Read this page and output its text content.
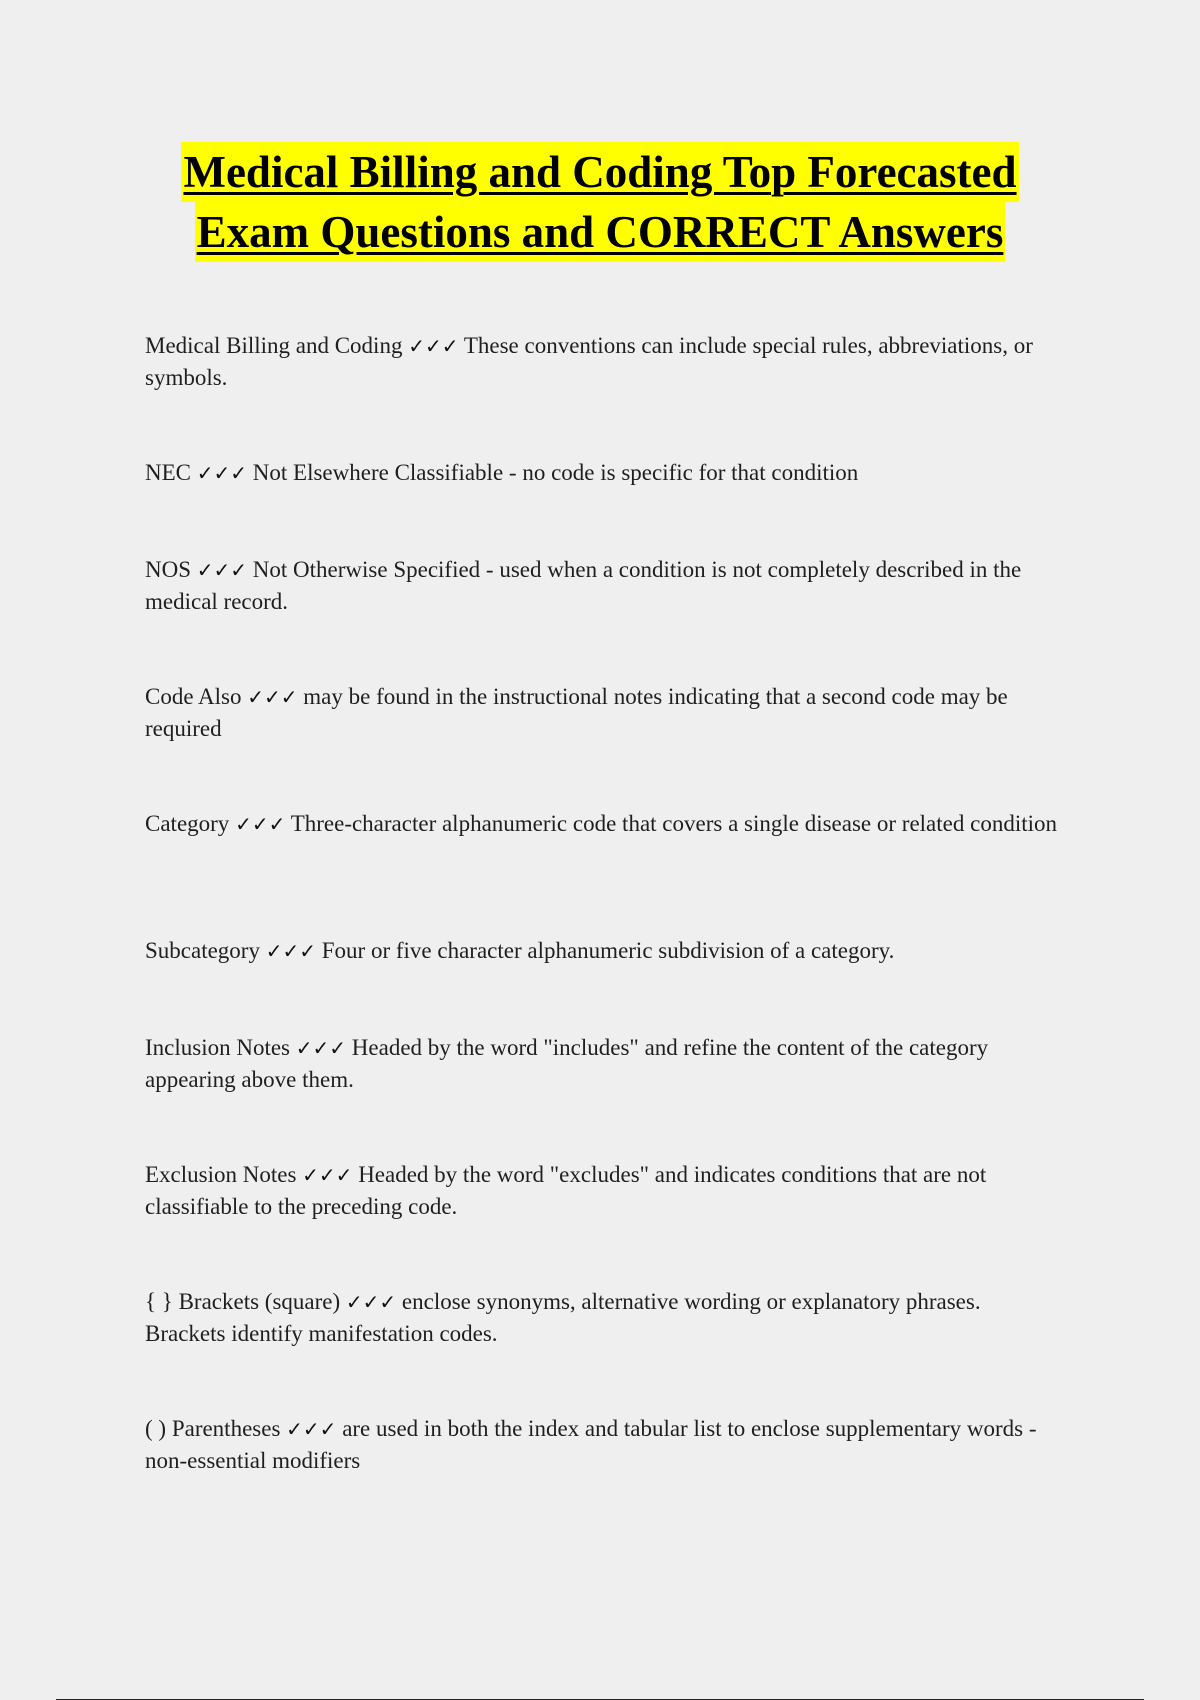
Medical Billing and Coding Top Forecasted
Exam Questions and CORRECT Answers

Medical Billing and Coding ✓✓✓ These conventions can include special rules, abbreviations, or symbols.

NEC ✓✓✓ Not Elsewhere Classifiable - no code is specific for that condition

NOS ✓✓✓ Not Otherwise Specified - used when a condition is not completely described in the medical record.

Code Also ✓✓✓ may be found in the instructional notes indicating that a second code may be required

Category ✓✓✓ Three-character alphanumeric code that covers a single disease or related condition

Subcategory ✓✓✓ Four or five character alphanumeric subdivision of a category.

Inclusion Notes ✓✓✓ Headed by the word "includes" and refine the content of the category appearing above them.

Exclusion Notes ✓✓✓ Headed by the word "excludes" and indicates conditions that are not classifiable to the preceding code.

{ } Brackets (square) ✓✓✓ enclose synonyms, alternative wording or explanatory phrases. Brackets identify manifestation codes.

( ) Parentheses ✓✓✓ are used in both the index and tabular list to enclose supplementary words - non-essential modifiers
